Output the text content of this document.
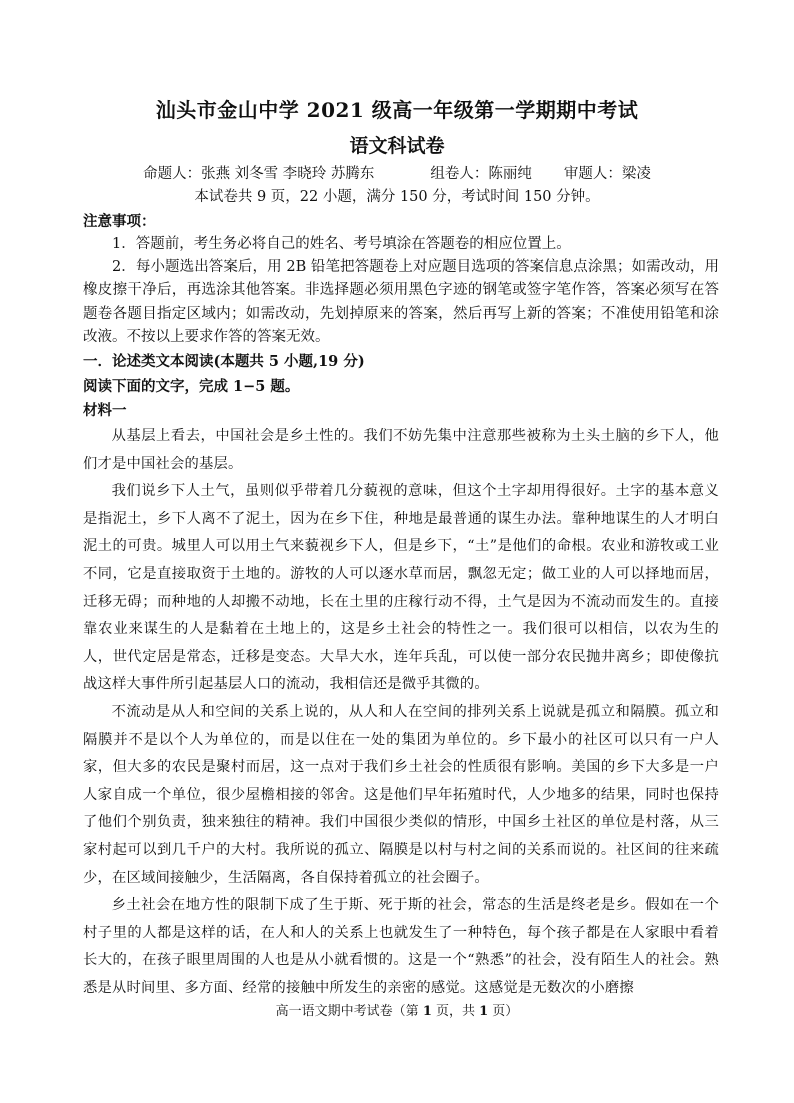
汕头市金山中学 2021 级高一年级第一学期期中考试
语文科试卷
命题人：张燕 刘冬雪 李晓玲 苏腾东	组卷人：陈丽纯 审题人：梁凌
本试卷共 9 页，22 小题，满分 150 分，考试时间 150 分钟。
注意事项：

1．答题前，考生务必将自己的姓名、考号填涂在答题卷的相应位置上。

2．每小题选出答案后，用 2B 铅笔把答题卷上对应题目选项的答案信息点涂黑；如需改动，用橡皮擦干净后，再选涂其他答案。非选择题必须用黑色字迹的钢笔或签字笔作答，答案必须写在答题卷各题目指定区域内；如需改动，先划掉原来的答案，然后再写上新的答案；不准使用铅笔和涂改液。不按以上要求作答的答案无效。

一．论述类文本阅读(本题共 5 小题,19 分)
阅读下面的文字，完成 1−5 题。
材料一

从基层上看去，中国社会是乡土性的。我们不妨先集中注意那些被称为土头土脑的乡下人，他们才是中国社会的基层。

我们说乡下人土气，虽则似乎带着几分藐视的意味，但这个土字却用得很好。土字的基本意义是指泥土，乡下人离不了泥土，因为在乡下住，种地是最普通的谋生办法。靠种地谋生的人才明白泥土的可贵。城里人可以用土气来藐视乡下人，但是乡下，“土”是他们的命根。农业和游牧或工业不同，它是直接取资于土地的。游牧的人可以逐水草而居，飘忽无定；做工业的人可以择地而居，迁移无碍；而种地的人却搬不动地，长在土里的庄稼行动不得，土气是因为不流动而发生的。直接靠农业来谋生的人是黏着在土地上的，这是乡土社会的特性之一。我们很可以相信，以农为生的人，世代定居是常态，迁移是变态。大旱大水，连年兵乱，可以使一部分农民抛井离乡；即使像抗战这样大事件所引起基层人口的流动，我相信还是微乎其微的。

不流动是从人和空间的关系上说的，从人和人在空间的排列关系上说就是孤立和隔膜。孤立和隔膜并不是以个人为单位的，而是以住在一处的集团为单位的。乡下最小的社区可以只有一户人家，但大多的农民是聚村而居，这一点对于我们乡土社会的性质很有影响。美国的乡下大多是一户人家自成一个单位，很少屋檐相接的邻舍。这是他们早年拓殖时代，人少地多的结果，同时也保持了他们个别负责，独来独往的精神。我们中国很少类似的情形，中国乡土社区的单位是村落，从三家村起可以到几千户的大村。我所说的孤立、隔膜是以村与村之间的关系而说的。社区间的往来疏少，在区域间接触少，生活隔离，各自保持着孤立的社会圈子。

乡土社会在地方性的限制下成了生于斯、死于斯的社会，常态的生活是终老是乡。假如在一个村子里的人都是这样的话，在人和人的关系上也就发生了一种特色，每个孩子都是在人家眼中看着长大的，在孩子眼里周围的人也是从小就看惯的。这是一个“熟悉”的社会，没有陌生人的社会。熟悉是从时间里、多方面、经常的接触中所发生的亲密的感觉。这感觉是无数次的小磨擦

高一语文期中考试卷（第 1 页，共 1 页）
